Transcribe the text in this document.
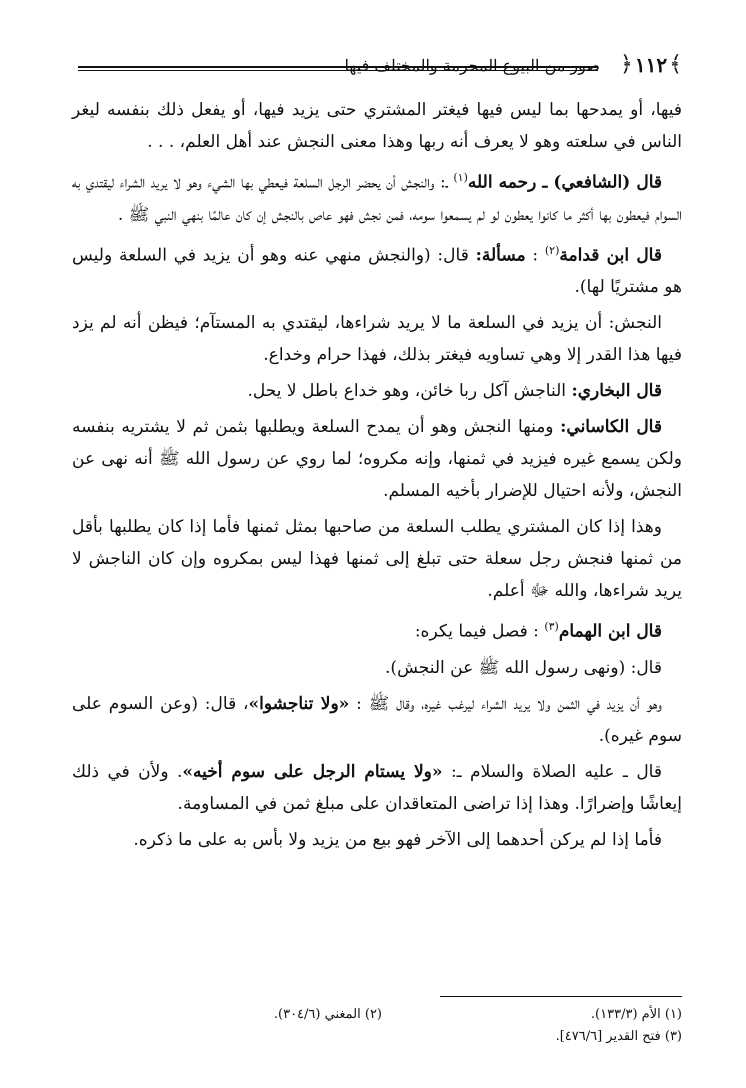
﴿ ١١٢ ﴾
صور من البيوع المحرمة والمختلف فيها

فيها، أو يمدحها بما ليس فيها فيغتر المشتري حتى يزيد فيها، أو يفعل ذلك بنفسه ليغر الناس في سلعته وهو لا يعرف أنه ربها وهذا معنى النجش عند أهل العلم، . . .

قال (الشافعي) ـ رحمه الله$^{(١)}$ ـ: والنجش أن يحضر الرجل السلعة فيعطي بها الشيء وهو لا يريد الشراء ليقتدي به السوام فيعطون بها أكثر ما كانوا يعطون لو لم يسمعوا سومه، فمن نجش فهو عاص بالنجش إن كان عالمًا بنهي النبي ﷺ .

قال ابن قدامة$^{(٢)}$ : مسألة: قال: (والنجش منهي عنه وهو أن يزيد في السلعة وليس هو مشتريًا لها).

النجش: أن يزيد في السلعة ما لا يريد شراءها، ليقتدي به المستآم؛ فيظن أنه لم يزد فيها هذا القدر إلا وهي تساويه فيغتر بذلك، فهذا حرام وخداع.

قال البخاري: الناجش آكل ربا خائن، وهو خداع باطل لا يحل.

قال الكاساني: ومنها النجش وهو أن يمدح السلعة ويطلبها بثمن ثم لا يشتريه بنفسه ولكن يسمع غيره فيزيد في ثمنها، وإنه مكروه؛ لما روي عن رسول الله ﷺ أنه نهى عن النجش، ولأنه احتيال للإضرار بأخيه المسلم.

وهذا إذا كان المشتري يطلب السلعة من صاحبها بمثل ثمنها فأما إذا كان يطلبها بأقل من ثمنها فنجش رجل سعلة حتى تبلغ إلى ثمنها فهذا ليس بمكروه وإن كان الناجش لا يريد شراءها، والله ﷻ أعلم.

قال ابن الهمام$^{(٣)}$ : فصل فيما يكره:

قال: (ونهى رسول الله ﷺ عن النجش).

وهو أن يزيد في الثمن ولا يريد الشراء ليرغب غيره، وقال ﷺ : «ولا تناجشوا»، قال: (وعن السوم على سوم غيره).

قال ـ عليه الصلاة والسلام ـ: «ولا يستام الرجل على سوم أخيه». ولأن في ذلك إيعاشًا وإضرارًا. وهذا إذا تراضى المتعاقدان على مبلغ ثمن في المساومة.

فأما إذا لم يركن أحدهما إلى الآخر فهو بيع من يزيد ولا بأس به على ما ذكره.

(١) الأم (١٣٣/٣).
(٢) المغني (٣٠٤/٦).
(٣) فتح القدير [٤٧٦/٦].
